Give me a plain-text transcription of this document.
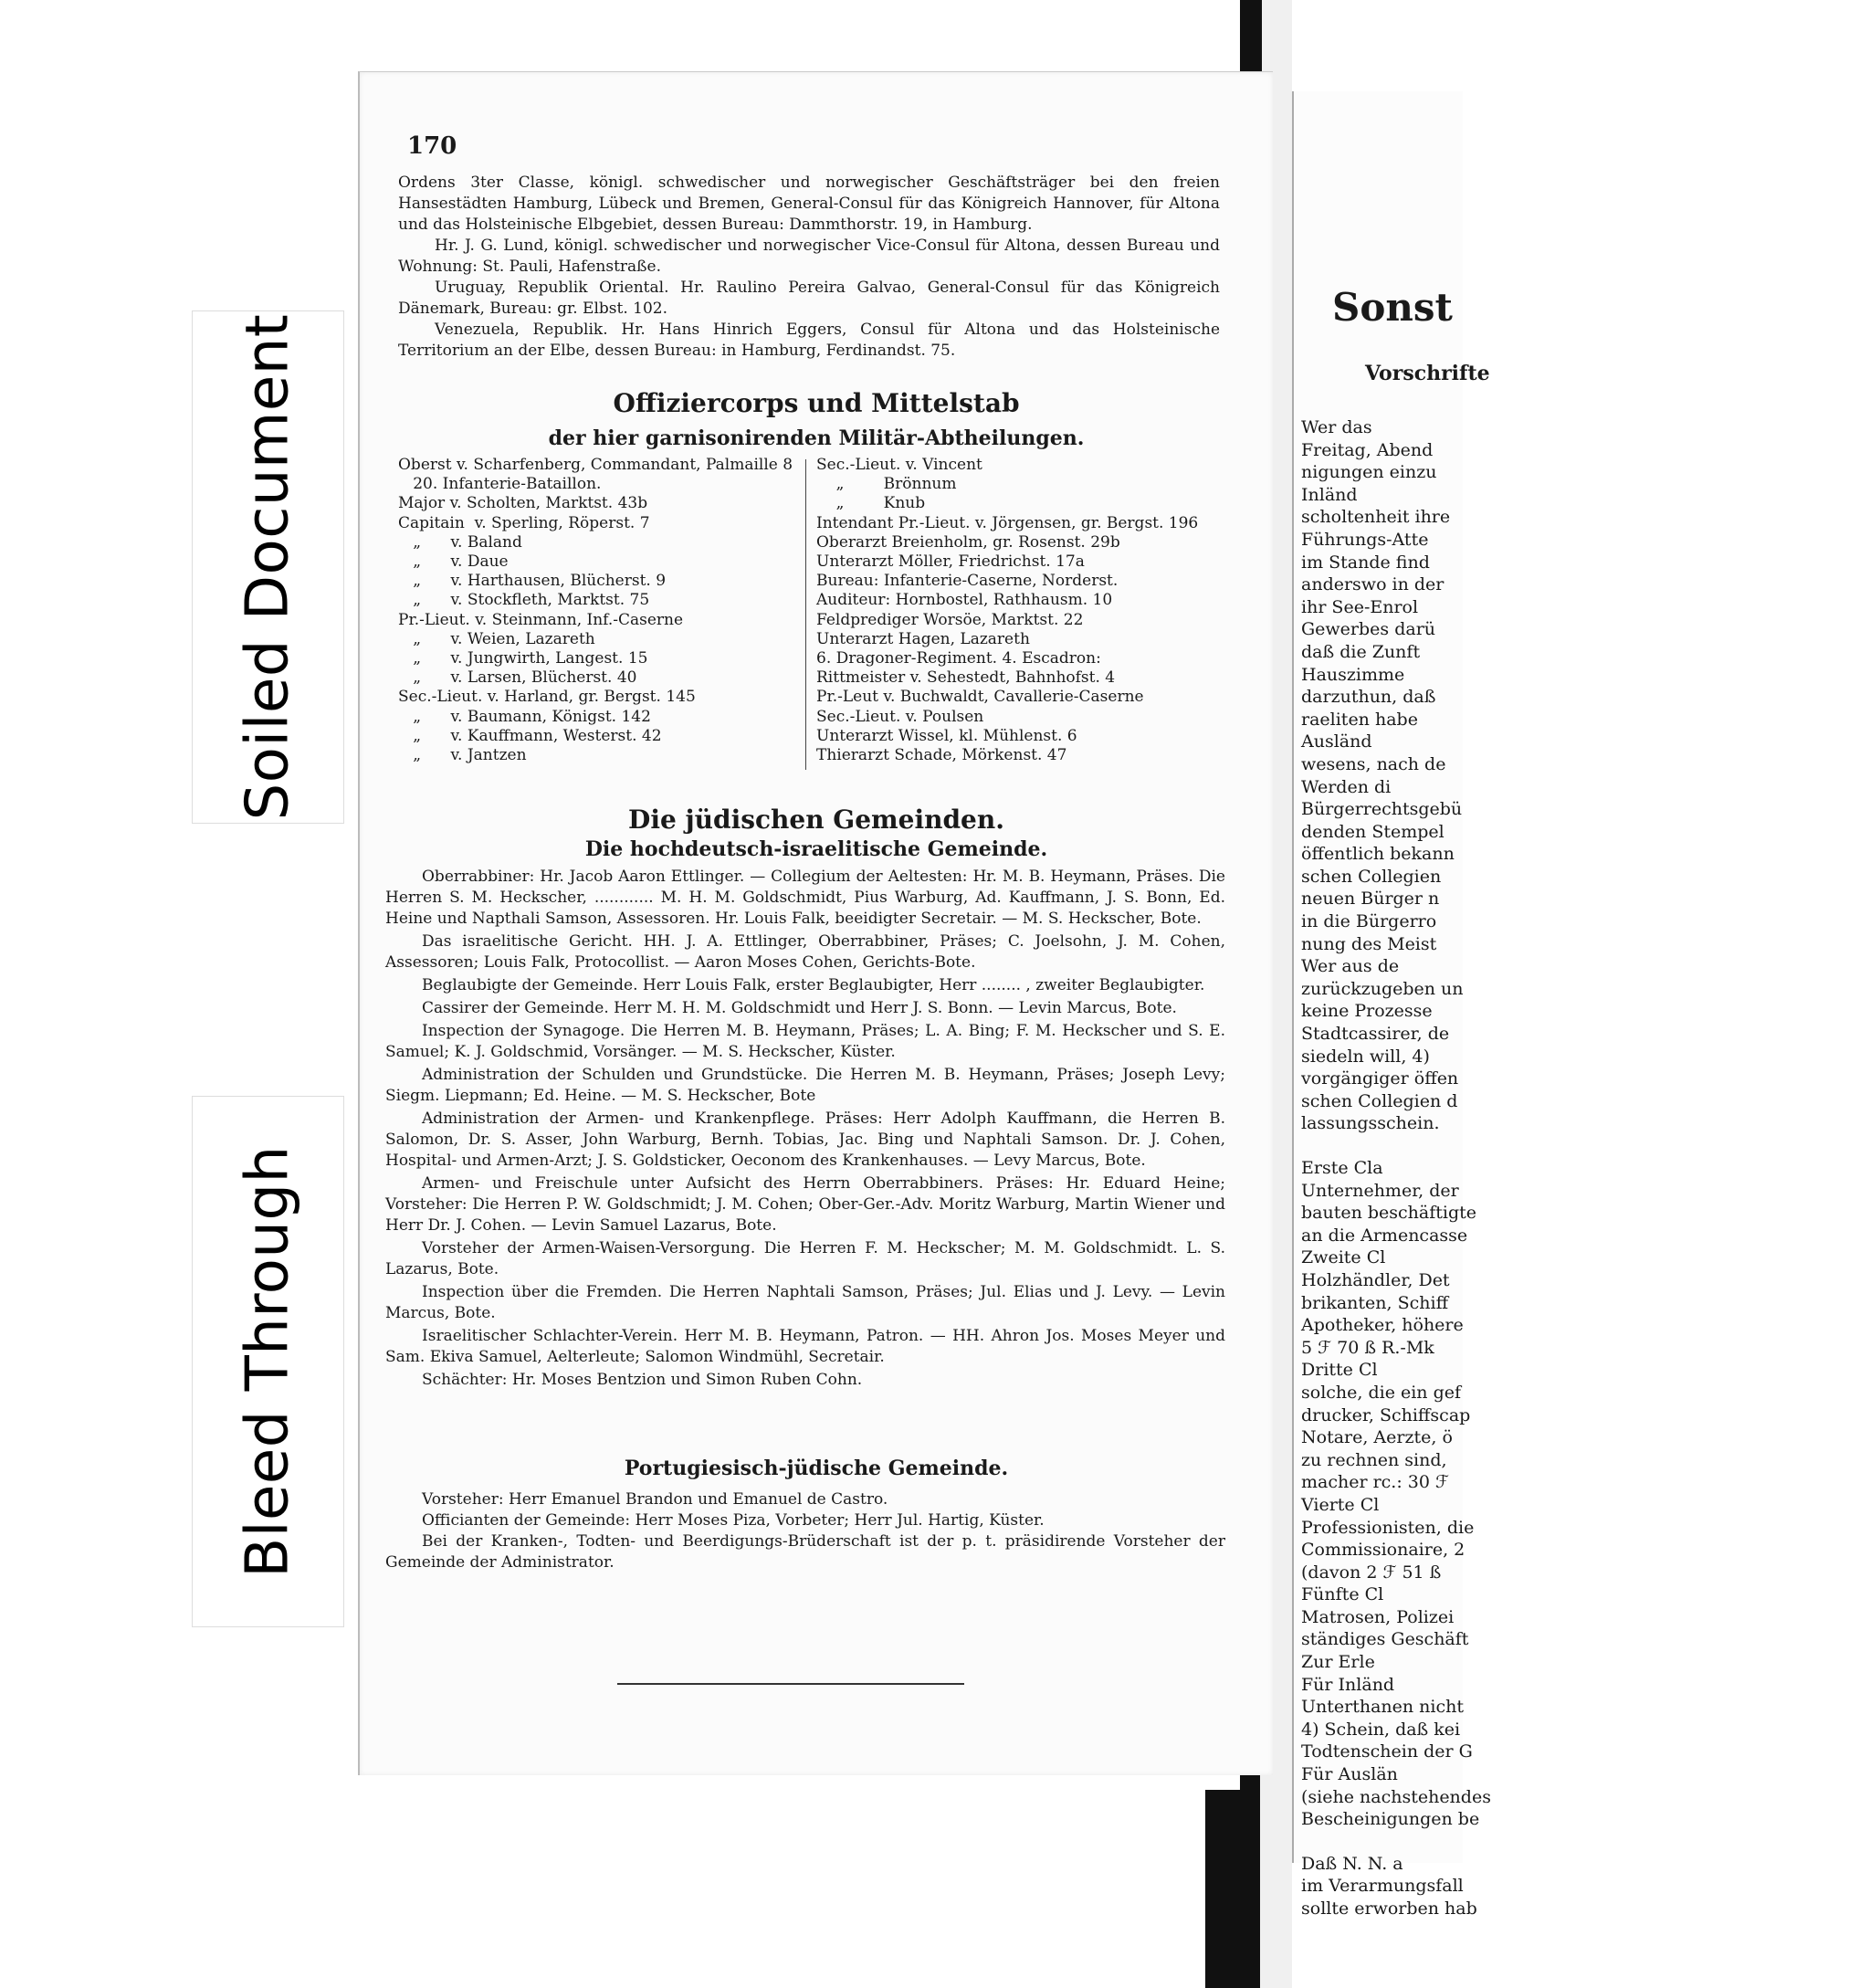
170

Ordens 3ter Classe, königl. schwedischer und norwegischer Geschäftsträger bei den freien Hansestädten Hamburg, Lübeck und Bremen, General-Consul für das Königreich Hannover, für Altona und das Holsteinische Elbgebiet, dessen Bureau: Dammthorstr. 19, in Hamburg.

Hr. J. G. Lund, königl. schwedischer und norwegischer Vice-Consul für Altona, dessen Bureau und Wohnung: St. Pauli, Hafenstraße.

Uruguay, Republik Oriental. Hr. Raulino Pereira Galvao, General-Consul für das Königreich Dänemark, Bureau: gr. Elbst. 102.

Venezuela, Republik. Hr. Hans Hinrich Eggers, Consul für Altona und das Holsteinische Territorium an der Elbe, dessen Bureau: in Hamburg, Ferdinandst. 75.

Offiziercorps und Mittelstab
der hier garnisonirenden Militär-Abtheilungen.
Oberst v. Scharfenberg, Commandant, Palmaille 8
20. Infanterie-Bataillon.
Major v. Scholten, Marktst. 43b
Capitain  v. Sperling, Röperst. 7
„      v. Baland
„      v. Daue
„      v. Harthausen, Blücherst. 9
„      v. Stockfleth, Marktst. 75
Pr.-Lieut. v. Steinmann, Inf.-Caserne
„      v. Weien, Lazareth
„      v. Jungwirth, Langest. 15
„      v. Larsen, Blücherst. 40
Sec.-Lieut. v. Harland, gr. Bergst. 145
„      v. Baumann, Königst. 142
„      v. Kauffmann, Westerst. 42
„      v. Jantzen
Sec.-Lieut. v. Vincent
„        Brönnum
„        Knub
Intendant Pr.-Lieut. v. Jörgensen, gr. Bergst. 196
Oberarzt Breienholm, gr. Rosenst. 29b
Unterarzt Möller, Friedrichst. 17a
Bureau: Infanterie-Caserne, Norderst.
Auditeur: Hornbostel, Rathhausm. 10
Feldprediger Worsöe, Marktst. 22
Unterarzt Hagen, Lazareth
6. Dragoner-Regiment. 4. Escadron:
Rittmeister v. Sehestedt, Bahnhofst. 4
Pr.-Leut v. Buchwaldt, Cavallerie-Caserne
Sec.-Lieut. v. Poulsen
Unterarzt Wissel, kl. Mühlenst. 6
Thierarzt Schade, Mörkenst. 47
Die jüdischen Gemeinden.
Die hochdeutsch-israelitische Gemeinde.

Oberrabbiner: Hr. Jacob Aaron Ettlinger. — Collegium der Aeltesten: Hr. M. B. Heymann, Präses. Die Herren S. M. Heckscher, ............ M. H. M. Goldschmidt, Pius Warburg, Ad. Kauffmann, J. S. Bonn, Ed. Heine und Napthali Samson, Assessoren. Hr. Louis Falk, beeidigter Secretair. — M. S. Heckscher, Bote.

Das israelitische Gericht. HH. J. A. Ettlinger, Oberrabbiner, Präses; C. Joelsohn, J. M. Cohen, Assessoren; Louis Falk, Protocollist. — Aaron Moses Cohen, Gerichts-Bote.

Beglaubigte der Gemeinde. Herr Louis Falk, erster Beglaubigter, Herr ........ , zweiter Beglaubigter.

Cassirer der Gemeinde. Herr M. H. M. Goldschmidt und Herr J. S. Bonn. — Levin Marcus, Bote.

Inspection der Synagoge. Die Herren M. B. Heymann, Präses; L. A. Bing; F. M. Heckscher und S. E. Samuel; K. J. Goldschmid, Vorsänger. — M. S. Heckscher, Küster.

Administration der Schulden und Grundstücke. Die Herren M. B. Heymann, Präses; Joseph Levy; Siegm. Liepmann; Ed. Heine. — M. S. Heckscher, Bote

Administration der Armen- und Krankenpflege. Präses: Herr Adolph Kauffmann, die Herren B. Salomon, Dr. S. Asser, John Warburg, Bernh. Tobias, Jac. Bing und Naphtali Samson. Dr. J. Cohen, Hospital- und Armen-Arzt; J. S. Goldsticker, Oeconom des Krankenhauses. — Levy Marcus, Bote.

Armen- und Freischule unter Aufsicht des Herrn Oberrabbiners. Präses: Hr. Eduard Heine; Vorsteher: Die Herren P. W. Goldschmidt; J. M. Cohen; Ober-Ger.-Adv. Moritz Warburg, Martin Wiener und Herr Dr. J. Cohen. — Levin Samuel Lazarus, Bote.

Vorsteher der Armen-Waisen-Versorgung. Die Herren F. M. Heckscher; M. M. Goldschmidt. L. S. Lazarus, Bote.

Inspection über die Fremden. Die Herren Naphtali Samson, Präses; Jul. Elias und J. Levy. — Levin Marcus, Bote.

Israelitischer Schlachter-Verein. Herr M. B. Heymann, Patron. — HH. Ahron Jos. Moses Meyer und Sam. Ekiva Samuel, Aelterleute; Salomon Windmühl, Secretair.

Schächter: Hr. Moses Bentzion und Simon Ruben Cohn.

Portugiesisch-jüdische Gemeinde.

Vorsteher: Herr Emanuel Brandon und Emanuel de Castro.

Officianten der Gemeinde: Herr Moses Piza, Vorbeter; Herr Jul. Hartig, Küster.

Bei der Kranken-, Todten- und Beerdigungs-Brüderschaft ist der p. t. präsidirende Vorsteher der Gemeinde der Administrator.

Sonst
Vorschrifte
Wer das
Freitag, Abend
nigungen einzu
Inländ
scholtenheit ihre
Führungs-Atte
im Stande find
anderswo in der
ihr See-Enrol
Gewerbes darü
daß die Zunft
Hauszimme
darzuthun, daß
raeliten habe
Ausländ
wesens, nach de
Werden di
Bürgerrechtsgebü
denden Stempel
öffentlich bekann
schen Collegien
neuen Bürger n
in die Bürgerro
nung des Meist
Wer aus de
zurückzugeben un
keine Prozesse
Stadtcassirer, de
siedeln will, 4)
vorgängiger öffen
schen Collegien d
lassungsschein.
Erste Cla
Unternehmer, der
bauten beschäftigte
an die Armencasse
Zweite Cl
Holzhändler, Det
brikanten, Schiff
Apotheker, höhere
5 ℱ 70 ß R.-Mk
Dritte Cl
solche, die ein gef
drucker, Schiffscap
Notare, Aerzte, ö
zu rechnen sind,
macher rc.: 30 ℱ
Vierte Cl
Professionisten, die
Commissionaire, 2
(davon 2 ℱ 51 ß
Fünfte Cl
Matrosen, Polizei
ständiges Geschäft
Zur Erle
Für Inländ
Unterthanen nicht
4) Schein, daß kei
Todtenschein der G
Für Auslän
(siehe nachstehendes
Bescheinigungen be
Daß N. N. a
im Verarmungsfall
sollte erworben hab
Soiled Document
Bleed Through
